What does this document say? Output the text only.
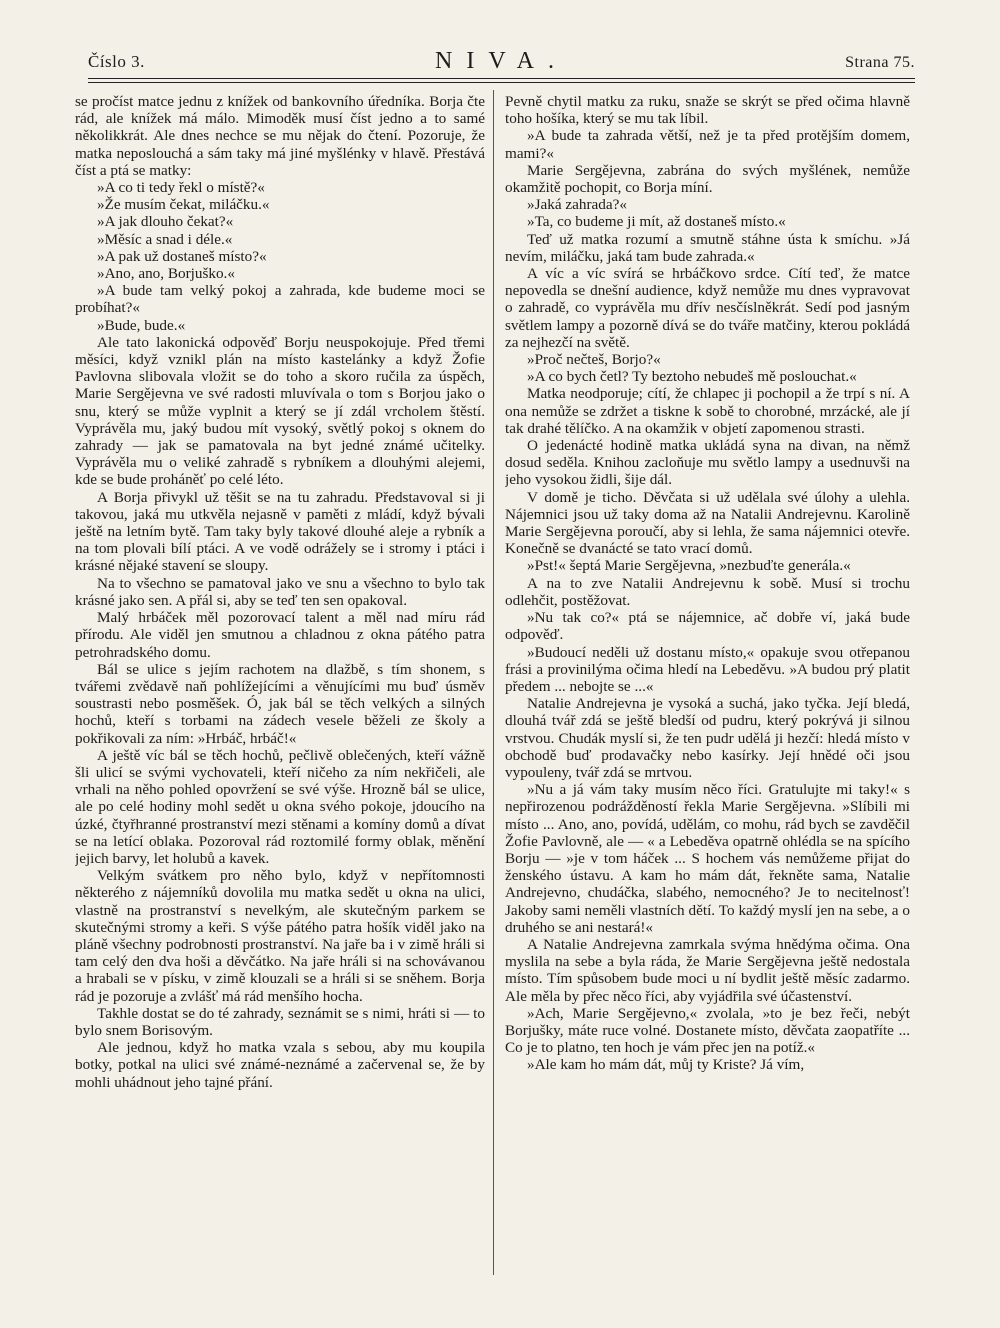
Číslo 3.	NIVA.	Strana 75.

se pročíst matce jednu z knížek od bankovního úředníka. Borja čte rád, ale knížek má málo. Mimoděk musí číst jedno a to samé několikkrát. Ale dnes nechce se mu nějak do čtení. Pozoruje, že matka neposlouchá a sám taky má jiné myšlénky v hlavě. Přestává číst a ptá se matky:

»A co ti tedy řekl o místě?«

»Že musím čekat, miláčku.«

»A jak dlouho čekat?«

»Měsíc a snad i déle.«

»A pak už dostaneš místo?«

»Ano, ano, Borjuško.«

»A bude tam velký pokoj a zahrada, kde budeme moci se probíhat?«

»Bude, bude.«

Ale tato lakonická odpověď Borju neuspokojuje. Před třemi měsíci, když vznikl plán na místo kastelánky a když Žofie Pavlovna slibovala vložit se do toho a skoro ručila za úspěch, Marie Sergějevna ve své radosti mluvívala o tom s Borjou jako o snu, který se může vyplnit a který se jí zdál vrcholem štěstí. Vyprávěla mu, jaký budou mít vysoký, světlý pokoj s oknem do zahrady — jak se pamatovala na byt jedné známé učitelky. Vyprávěla mu o veliké zahradě s rybníkem a dlouhými alejemi, kde se bude proháněť po celé léto.

A Borja přivykl už těšit se na tu zahradu. Představoval si ji takovou, jaká mu utkvěla nejasně v paměti z mládí, když bývali ještě na letním bytě. Tam taky byly takové dlouhé aleje a rybník a na tom plovali bílí ptáci. A ve vodě odrážely se i stromy i ptáci i krásné nějaké stavení se sloupy.

Na to všechno se pamatoval jako ve snu a všechno to bylo tak krásné jako sen. A přál si, aby se teď ten sen opakoval.

Malý hrbáček měl pozorovací talent a měl nad míru rád přírodu. Ale viděl jen smutnou a chladnou z okna pátého patra petrohradského domu.

Bál se ulice s jejím rachotem na dlažbě, s tím shonem, s tvářemi zvědavě naň pohlížejícími a věnujícími mu buď úsměv soustrasti nebo posměšek. Ó, jak bál se těch velkých a silných hochů, kteří s torbami na zádech vesele běželi ze školy a pokřikovali za ním: »Hrbáč, hrbáč!«

A ještě víc bál se těch hochů, pečlivě oblečených, kteří vážně šli ulicí se svými vychovateli, kteří ničeho za ním nekřičeli, ale vrhali na něho pohled opovržení se své výše. Hrozně bál se ulice, ale po celé hodiny mohl sedět u okna svého pokoje, jdoucího na úzké, čtyřhranné prostranství mezi stěnami a komíny domů a dívat se na letící oblaka. Pozoroval rád roztomilé formy oblak, měnění jejich barvy, let holubů a kavek.

Velkým svátkem pro něho bylo, když v nepřítomnosti některého z nájemníků dovolila mu matka sedět u okna na ulici, vlastně na prostranství s nevelkým, ale skutečným parkem se skutečnými stromy a keři. S výše pátého patra hošík viděl jako na pláně všechny podrobnosti prostranství. Na jaře ba i v zimě hráli si tam celý den dva hoši a děvčátko. Na jaře hráli si na schovávanou a hrabali se v písku, v zimě klouzali se a hráli si se sněhem. Borja rád je pozoruje a zvlášť má rád menšího hocha.

Takhle dostat se do té zahrady, seznámit se s nimi, hráti si — to bylo snem Borisovým.

Ale jednou, když ho matka vzala s sebou, aby mu koupila botky, potkal na ulici své známé-neznámé a začervenal se, že by mohli uhádnout jeho tajné přání.

Pevně chytil matku za ruku, snaže se skrýt se před očima hlavně toho hošíka, který se mu tak líbil.

»A bude ta zahrada větší, než je ta před protějším domem, mami?«

Marie Sergějevna, zabrána do svých myšlének, nemůže okamžitě pochopit, co Borja míní.

»Jaká zahrada?«

»Ta, co budeme ji mít, až dostaneš místo.«

Teď už matka rozumí a smutně stáhne ústa k smíchu. »Já nevím, miláčku, jaká tam bude zahrada.«

A víc a víc svírá se hrbáčkovo srdce. Cítí teď, že matce nepovedla se dnešní audience, když nemůže mu dnes vypravovat o zahradě, co vyprávěla mu dřív nesčíslněkrát. Sedí pod jasným světlem lampy a pozorně dívá se do tváře matčiny, kterou pokládá za nejhezčí na světě.

»Proč nečteš, Borjo?«

»A co bych četl? Ty beztoho nebudeš mě poslouchat.«

Matka neodporuje; cítí, že chlapec ji pochopil a že trpí s ní. A ona nemůže se zdržet a tiskne k sobě to chorobné, mrzácké, ale jí tak drahé tělíčko. A na okamžik v objetí zapomenou strasti.

O jedenácté hodině matka ukládá syna na divan, na němž dosud seděla. Knihou zacloňuje mu světlo lampy a usednuvši na jeho vysokou židli, šije dál.

V domě je ticho. Děvčata si už udělala své úlohy a ulehla. Nájemnici jsou už taky doma až na Natalii Andrejevnu. Karolině Marie Sergějevna poroučí, aby si lehla, že sama nájemnici otevře. Konečně se dvanácté se tato vrací domů.

»Pst!« šeptá Marie Sergějevna, »nezbuďte generála.«

A na to zve Natalii Andrejevnu k sobě. Musí si trochu odlehčit, postěžovat.

»Nu tak co?« ptá se nájemnice, ač dobře ví, jaká bude odpověď.

»Budoucí neděli už dostanu místo,« opakuje svou otřepanou frási a provinilýma očima hledí na Lebeděvu. »A budou prý platit předem ... nebojte se ...«

Natalie Andrejevna je vysoká a suchá, jako tyčka. Její bledá, dlouhá tvář zdá se ještě bledší od pudru, který pokrývá ji silnou vrstvou. Chudák myslí si, že ten pudr udělá ji hezčí: hledá místo v obchodě buď prodavačky nebo kasírky. Její hnědé oči jsou vypouleny, tvář zdá se mrtvou.

»Nu a já vám taky musím něco říci. Gratulujte mi taky!« s nepřirozenou podrážděností řekla Marie Sergějevna. »Slíbili mi místo ... Ano, ano, povídá, udělám, co mohu, rád bych se zavděčil Žofie Pavlovně, ale — « a Lebeděva opatrně ohlédla se na spícího Borju — »je v tom háček ... S hochem vás nemůžeme přijat do ženského ústavu. A kam ho mám dát, řekněte sama, Natalie Andrejevno, chudáčka, slabého, nemocného? Je to necitelnosť! Jakoby sami neměli vlastních dětí. To každý myslí jen na sebe, a o druhého se ani nestará!«

A Natalie Andrejevna zamrkala svýma hnědýma očima. Ona myslila na sebe a byla ráda, že Marie Sergějevna ještě nedostala místo. Tím spůsobem bude moci u ní bydlit ještě měsíc zadarmo. Ale měla by přec něco říci, aby vyjádřila své účastenství.

»Ach, Marie Sergějevno,« zvolala, »to je bez řeči, nebýt Borjušky, máte ruce volné. Dostanete místo, děvčata zaopatříte ... Co je to platno, ten hoch je vám přec jen na potíž.«

»Ale kam ho mám dát, můj ty Kriste? Já vím,
